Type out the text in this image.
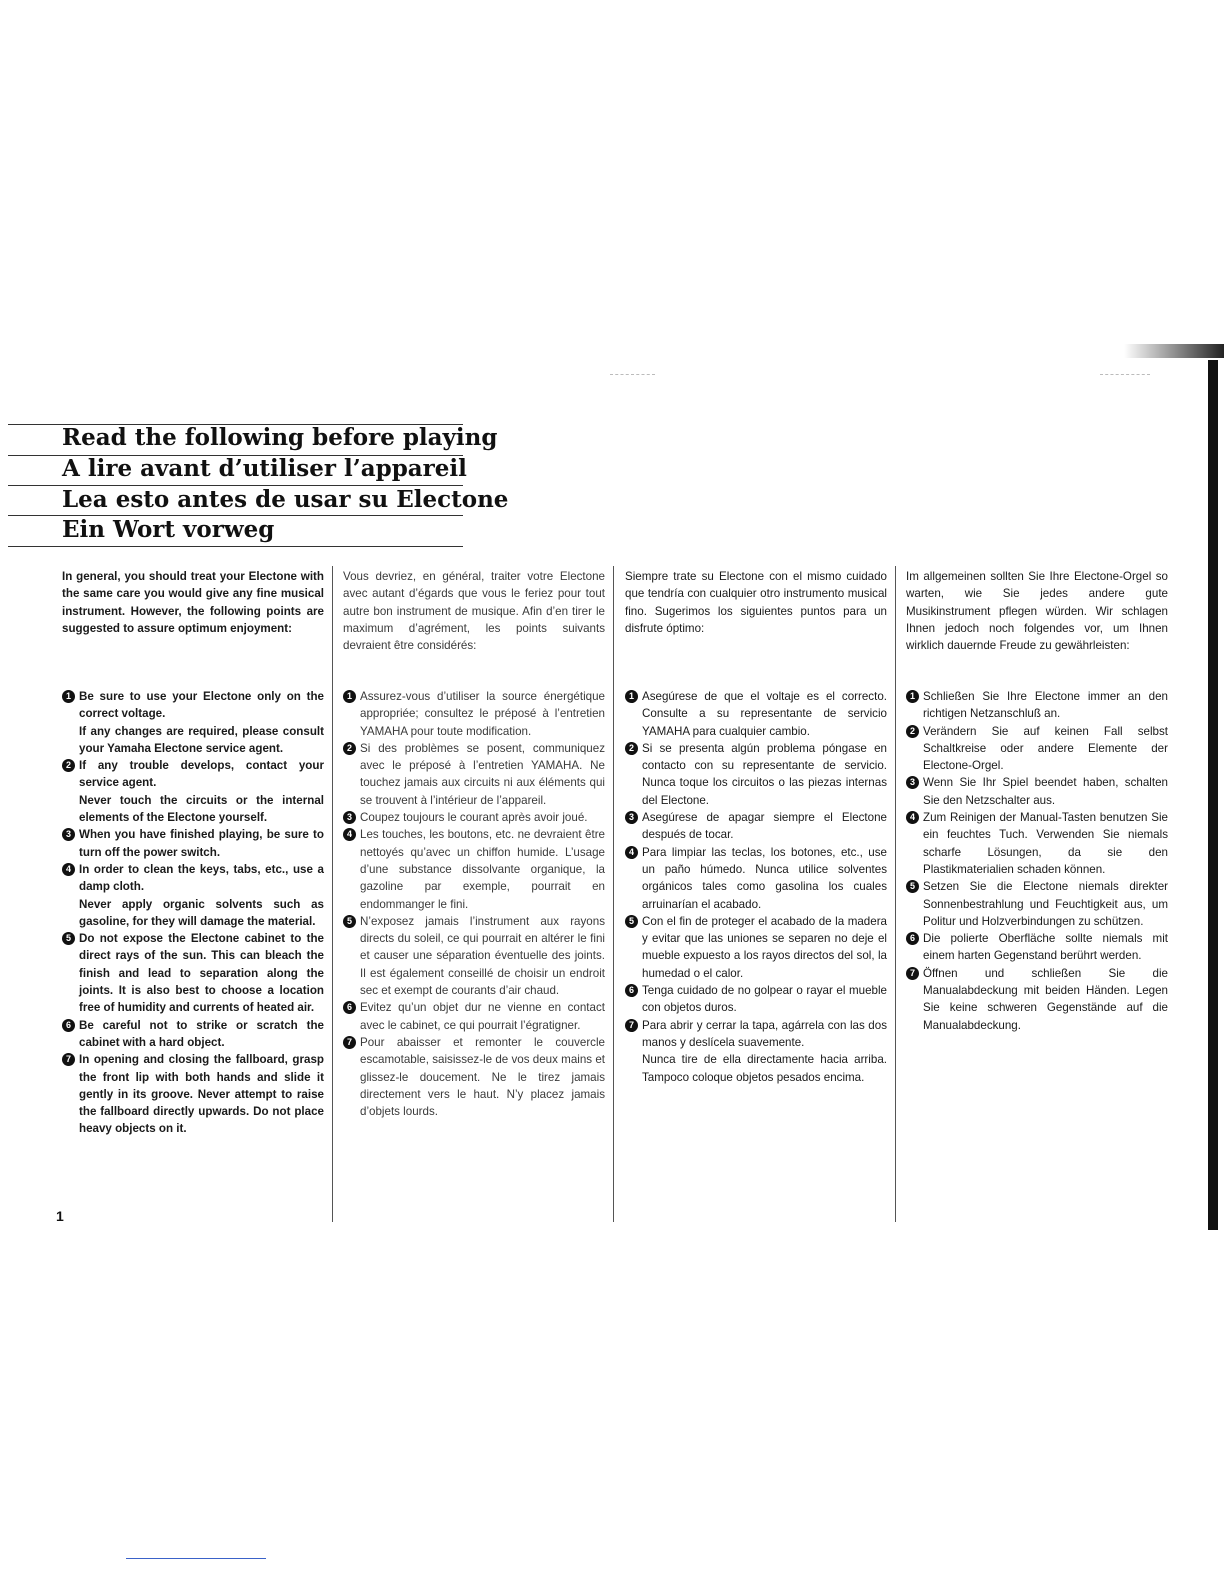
Read the following before playing
A lire avant d’utiliser l’appareil
Lea esto antes de usar su Electone
Ein Wort vorweg

In general, you should treat your Electone with the same care you would give any fine musical instrument. However, the following points are suggested to assure optimum enjoyment:

1 Be sure to use your Electone only on the correct voltage.
If any changes are required, please consult your Yamaha Electone service agent.
2 If any trouble develops, contact your service agent.
Never touch the circuits or the internal elements of the Electone yourself.
3 When you have finished playing, be sure to turn off the power switch.
4 In order to clean the keys, tabs, etc., use a damp cloth.
Never apply organic solvents such as gasoline, for they will damage the material.
5 Do not expose the Electone cabinet to the direct rays of the sun. This can bleach the finish and lead to separation along the joints. It is also best to choose a location free of humidity and currents of heated air.
6 Be careful not to strike or scratch the cabinet with a hard object.
7 In opening and closing the fallboard, grasp the front lip with both hands and slide it gently in its groove. Never attempt to raise the fallboard directly upwards. Do not place heavy objects on it.

Vous devriez, en général, traiter votre Electone avec autant d’égards que vous le feriez pour tout autre bon instrument de musique. Afin d’en tirer le maximum d’agrément, les points suivants devraient être considérés:

1 Assurez-vous d’utiliser la source énergétique appropriée; consultez le préposé à l’entretien YAMAHA pour toute modification.
2 Si des problèmes se posent, communiquez avec le préposé à l’entretien YAMAHA. Ne touchez jamais aux circuits ni aux éléments qui se trouvent à l’intérieur de l’appareil.
3 Coupez toujours le courant après avoir joué.
4 Les touches, les boutons, etc. ne devraient être nettoyés qu’avec un chiffon humide. L’usage d’une substance dissolvante organique, la gazoline par exemple, pourrait en endommanger le fini.
5 N’exposez jamais l’instrument aux rayons directs du soleil, ce qui pourrait en altérer le fini et causer une séparation éventuelle des joints. Il est également conseillé de choisir un endroit sec et exempt de courants d’air chaud.
6 Evitez qu’un objet dur ne vienne en contact avec le cabinet, ce qui pourrait l’égratigner.
7 Pour abaisser et remonter le couvercle escamotable, saisissez-le de vos deux mains et glissez-le doucement. Ne le tirez jamais directement vers le haut. N’y placez jamais d’objets lourds.

Siempre trate su Electone con el mismo cuidado que tendría con cualquier otro instrumento musical fino. Sugerimos los siguientes puntos para un disfrute óptimo:

1 Asegúrese de que el voltaje es el correcto. Consulte a su representante de servicio YAMAHA para cualquier cambio.
2 Si se presenta algún problema póngase en contacto con su representante de servicio. Nunca toque los circuitos o las piezas internas del Electone.
3 Asegúrese de apagar siempre el Electone después de tocar.
4 Para limpiar las teclas, los botones, etc., use un paño húmedo. Nunca utilice solventes orgánicos tales como gasolina los cuales arruinarían el acabado.
5 Con el fin de proteger el acabado de la madera y evitar que las uniones se separen no deje el mueble expuesto a los rayos directos del sol, la humedad o el calor.
6 Tenga cuidado de no golpear o rayar el mueble con objetos duros.
7 Para abrir y cerrar la tapa, agárrela con las dos manos y deslícela suavemente.
Nunca tire de ella directamente hacia arriba. Tampoco coloque objetos pesados encima.

Im allgemeinen sollten Sie Ihre Electone-Orgel so warten, wie Sie jedes andere gute Musikinstrument pflegen würden. Wir schlagen Ihnen jedoch noch folgendes vor, um Ihnen wirklich dauernde Freude zu gewährleisten:

1 Schließen Sie Ihre Electone immer an den richtigen Netzanschluß an.
2 Verändern Sie auf keinen Fall selbst Schaltkreise oder andere Elemente der Electone-Orgel.
3 Wenn Sie Ihr Spiel beendet haben, schalten Sie den Netzschalter aus.
4 Zum Reinigen der Manual-Tasten benutzen Sie ein feuchtes Tuch. Verwenden Sie niemals scharfe Lösungen, da sie den Plastikmaterialien schaden können.
5 Setzen Sie die Electone niemals direkter Sonnenbestrahlung und Feuchtigkeit aus, um Politur und Holzverbindungen zu schützen.
6 Die polierte Oberfläche sollte niemals mit einem harten Gegenstand berührt werden.
7 Öffnen und schließen Sie die Manualabdeckung mit beiden Händen. Legen Sie keine schweren Gegenstände auf die Manualabdeckung.
1
